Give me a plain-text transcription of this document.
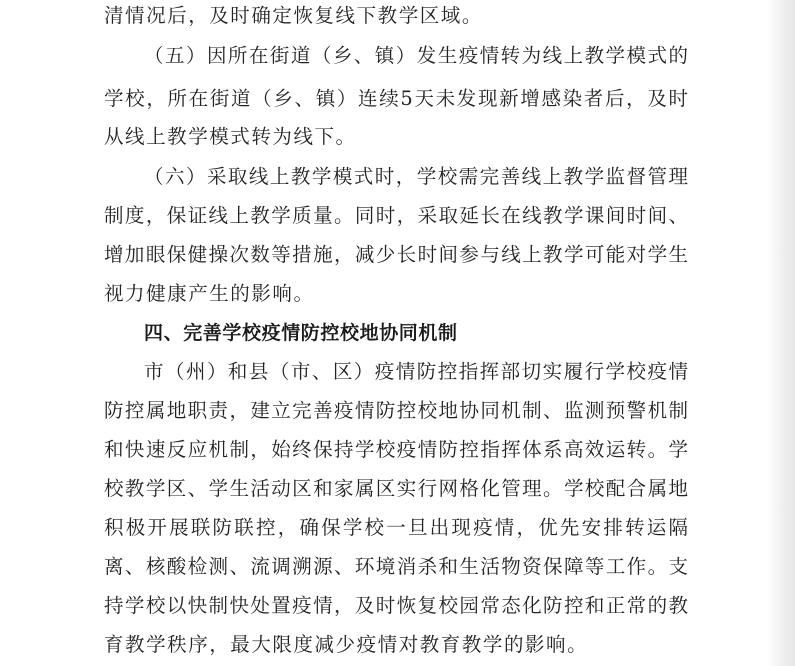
清情况后，及时确定恢复线下教学区域。
（五）因所在街道（乡、镇）发生疫情转为线上教学模式的
学校，所在街道（乡、镇）连续5天未发现新增感染者后，及时
从线上教学模式转为线下。
（六）采取线上教学模式时，学校需完善线上教学监督管理
制度，保证线上教学质量。同时，采取延长在线教学课间时间、
增加眼保健操次数等措施，减少长时间参与线上教学可能对学生
视力健康产生的影响。
四、完善学校疫情防控校地协同机制
市（州）和县（市、区）疫情防控指挥部切实履行学校疫情
防控属地职责，建立完善疫情防控校地协同机制、监测预警机制
和快速反应机制，始终保持学校疫情防控指挥体系高效运转。学
校教学区、学生活动区和家属区实行网格化管理。学校配合属地
积极开展联防联控，确保学校一旦出现疫情，优先安排转运隔
离、核酸检测、流调溯源、环境消杀和生活物资保障等工作。支
持学校以快制快处置疫情，及时恢复校园常态化防控和正常的教
育教学秩序，最大限度减少疫情对教育教学的影响。
